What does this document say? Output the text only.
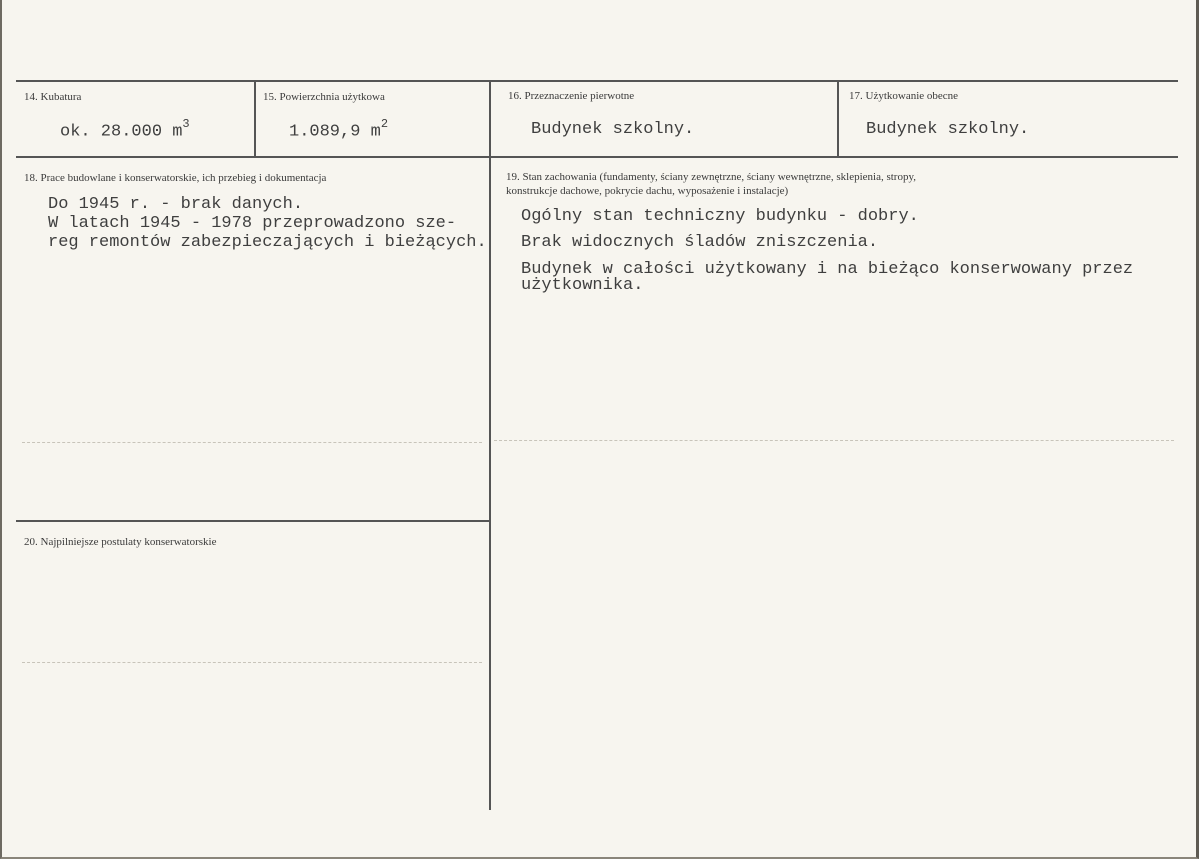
14. Kubatura
ok. 28.000 $m^3$
15. Powierzchnia użytkowa
1.089,9 $m^2$
16. Przeznaczenie pierwotne
Budynek szkolny.
17. Użytkowanie obecne
Budynek szkolny.
18. Prace budowlane i konserwatorskie, ich przebieg i dokumentacja
Do 1945 r. - brak danych.
W latach 1945 - 1978 przeprowadzono sze-
reg remontów zabezpieczających i bieżących.
19. Stan zachowania (fundamenty, ściany zewnętrzne, ściany wewnętrzne, sklepienia, stropy,
konstrukcje dachowe, pokrycie dachu, wyposażenie i instalacje)
Ogólny stan techniczny budynku - dobry.
Brak widocznych śladów zniszczenia.
Budynek w całości użytkowany i na bieżąco konserwowany przez
użytkownika.
20. Najpilniejsze postulaty konserwatorskie
